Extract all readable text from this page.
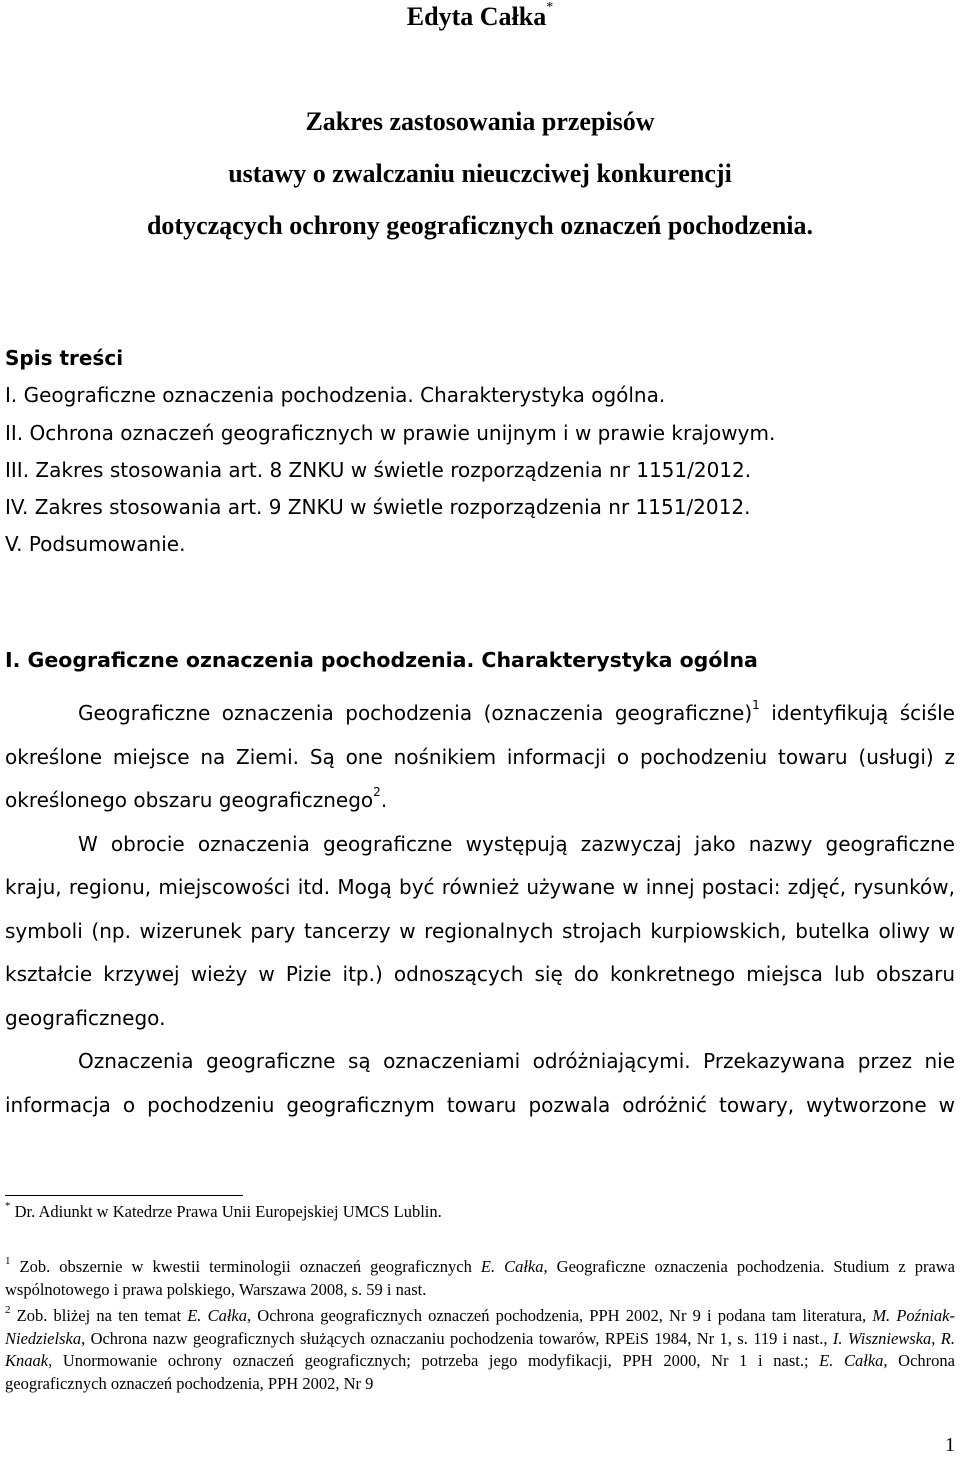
Edyta Całka*
Zakres zastosowania przepisów
ustawy o zwalczaniu nieuczciwej konkurencji
dotyczących ochrony geograficznych oznaczeń pochodzenia.
Spis treści
I. Geograficzne oznaczenia pochodzenia. Charakterystyka ogólna.
II. Ochrona oznaczeń geograficznych w prawie unijnym i w prawie krajowym.
III. Zakres stosowania art. 8 ZNKU w świetle rozporządzenia nr 1151/2012.
IV. Zakres stosowania art. 9 ZNKU w świetle rozporządzenia nr 1151/2012.
V. Podsumowanie.
I. Geograficzne oznaczenia pochodzenia. Charakterystyka ogólna

Geograficzne oznaczenia pochodzenia (oznaczenia geograficzne)$^1$ identyfikują ściśle określone miejsce na Ziemi. Są one nośnikiem informacji o pochodzeniu towaru (usługi) z określonego obszaru geograficznego$^2$.

W obrocie oznaczenia geograficzne występują zazwyczaj jako nazwy geograficzne kraju, regionu, miejscowości itd. Mogą być również używane w innej postaci: zdjęć, rysunków, symboli (np. wizerunek pary tancerzy w regionalnych strojach kurpiowskich, butelka oliwy w kształcie krzywej wieży w Pizie itp.) odnoszących się do konkretnego miejsca lub obszaru geograficznego.

Oznaczenia geograficzne są oznaczeniami odróżniającymi. Przekazywana przez nie informacja o pochodzeniu geograficznym towaru pozwala odróżnić towary, wytworzone w

* Dr. Adiunkt w Katedrze Prawa Unii Europejskiej UMCS Lublin.

$^1$ Zob. obszernie w kwestii terminologii oznaczeń geograficznych E. Całka, Geograficzne oznaczenia pochodzenia. Studium z prawa wspólnotowego i prawa polskiego, Warszawa 2008, s. 59 i nast.

$^2$ Zob. bliżej na ten temat E. Całka, Ochrona geograficznych oznaczeń pochodzenia, PPH 2002, Nr 9 i podana tam literatura, M. Poźniak-Niedzielska, Ochrona nazw geograficznych służących oznaczaniu pochodzenia towarów, RPEiS 1984, Nr 1, s. 119 i nast., I. Wiszniewska, R. Knaak, Unormowanie ochrony oznaczeń geograficznych; potrzeba jego modyfikacji, PPH 2000, Nr 1 i nast.; E. Całka, Ochrona geograficznych oznaczeń pochodzenia, PPH 2002, Nr 9

1
